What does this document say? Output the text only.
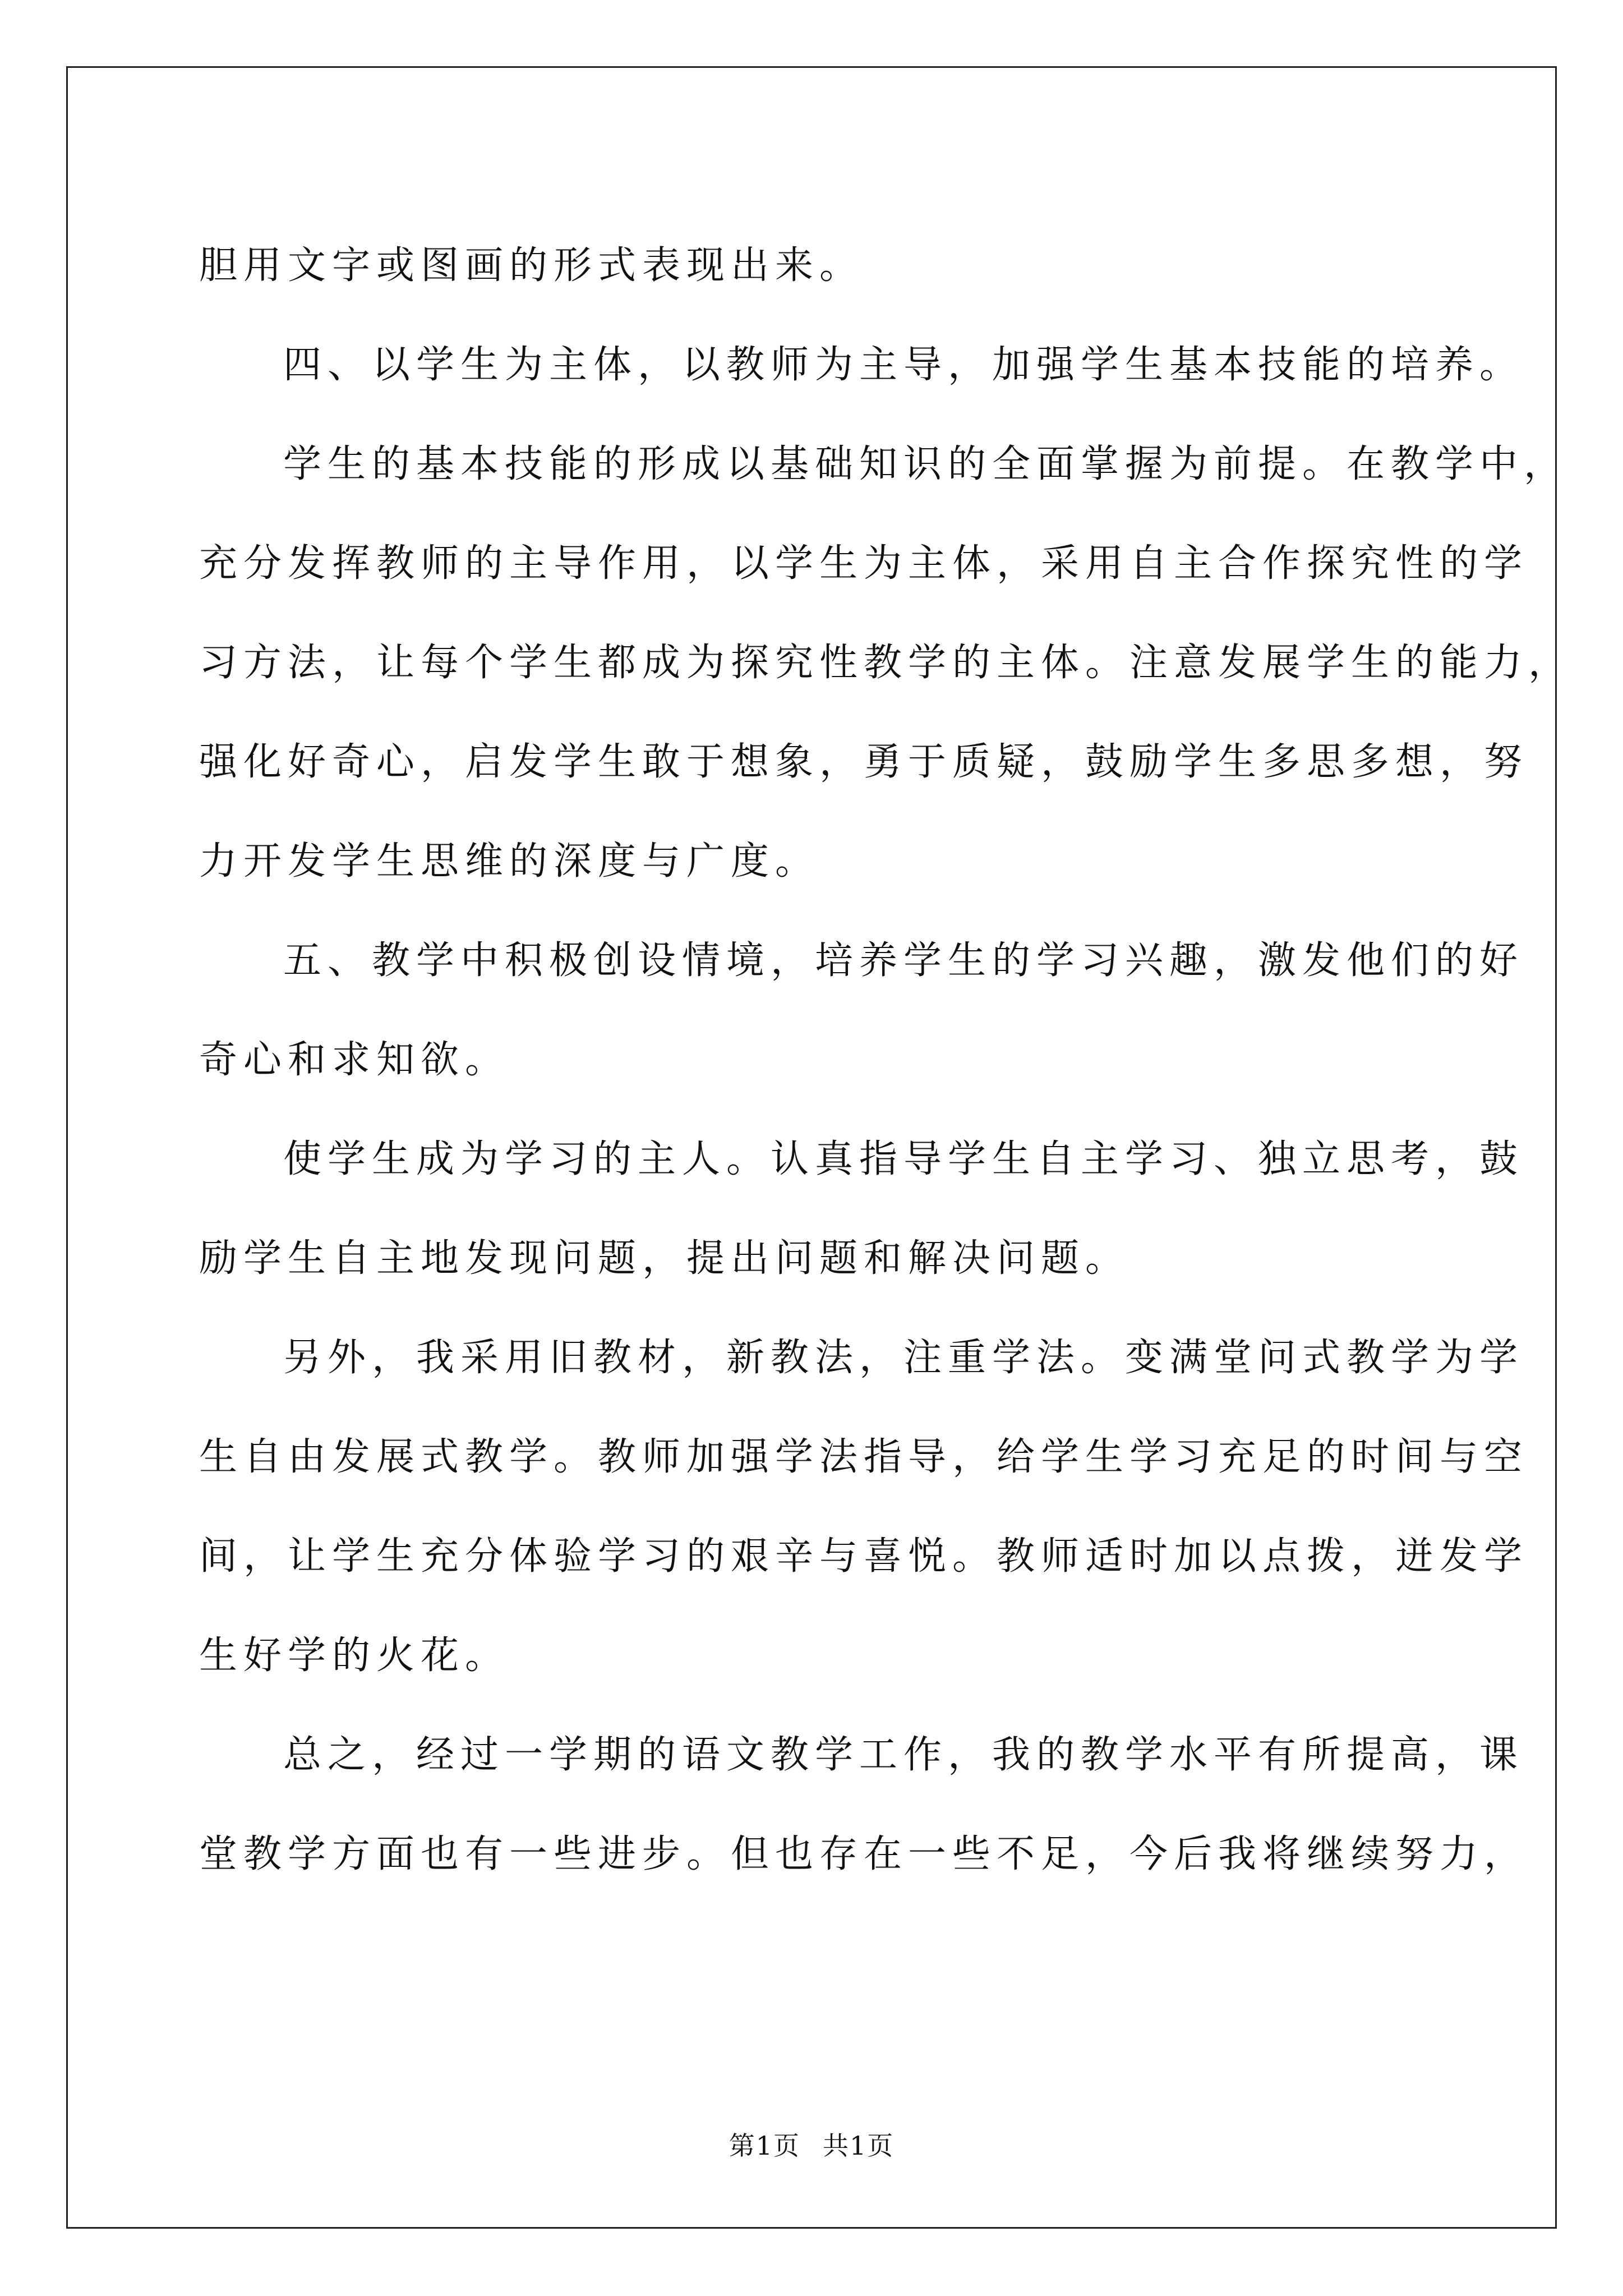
胆用文字或图画的形式表现出来。
四、以学生为主体，以教师为主导，加强学生基本技能的培养。
学生的基本技能的形成以基础知识的全面掌握为前提。在教学中，
充分发挥教师的主导作用，以学生为主体，采用自主合作探究性的学
习方法，让每个学生都成为探究性教学的主体。注意发展学生的能力，
强化好奇心，启发学生敢于想象，勇于质疑，鼓励学生多思多想，努
力开发学生思维的深度与广度。
五、教学中积极创设情境，培养学生的学习兴趣，激发他们的好
奇心和求知欲。
使学生成为学习的主人。认真指导学生自主学习、独立思考，鼓
励学生自主地发现问题，提出问题和解决问题。
另外，我采用旧教材，新教法，注重学法。变满堂问式教学为学
生自由发展式教学。教师加强学法指导，给学生学习充足的时间与空
间，让学生充分体验学习的艰辛与喜悦。教师适时加以点拨，迸发学
生好学的火花。
总之，经过一学期的语文教学工作，我的教学水平有所提高，课
堂教学方面也有一些进步。但也存在一些不足，今后我将继续努力，
第1页 共1页
